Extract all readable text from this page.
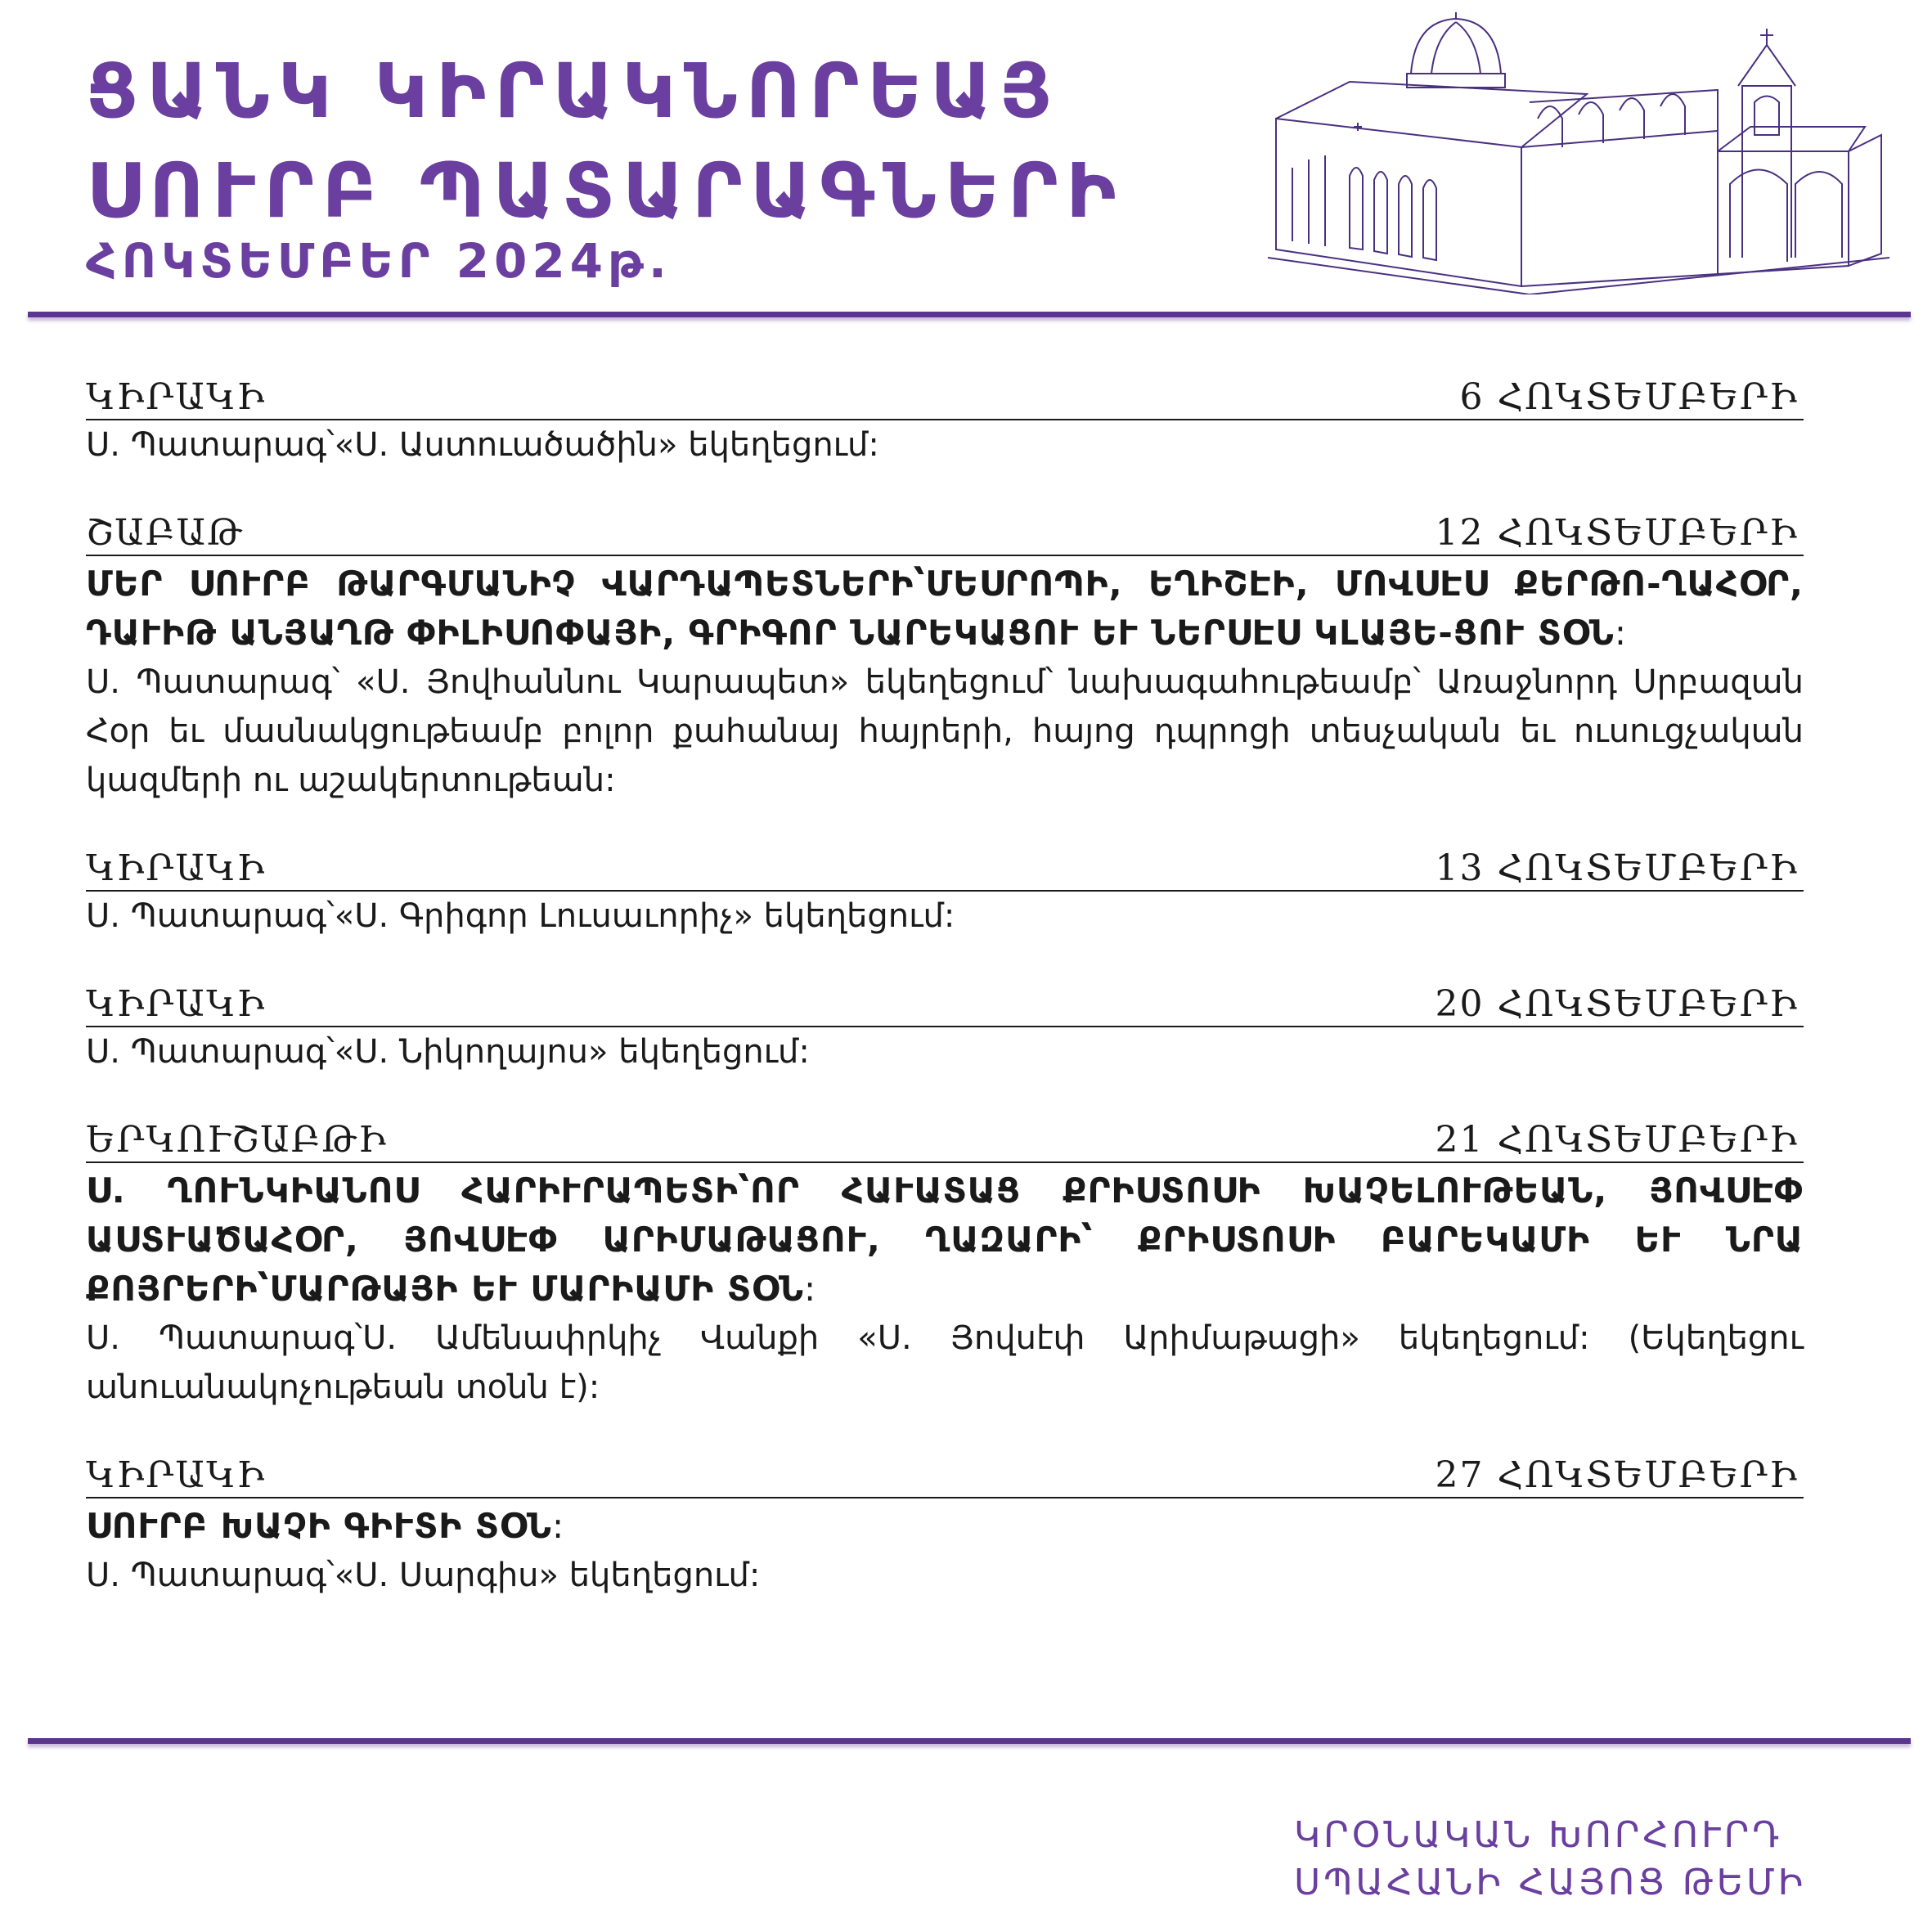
ՑԱՆԿ ԿԻՐԱԿՆՈՐԵԱՅ
ՍՈՒՐԲ ՊԱՏԱՐԱԳՆԵՐԻ
ՀՈԿՏԵՄԲԵՐ 2024թ.
ԿԻՐԱԿԻ	6 ՀՈԿՏԵՄԲԵՐԻ
Ս. Պատարագ՝«Ս. Աստուածածին» եկեղեցում:
ՇԱԲԱԹ	12 ՀՈԿՏԵՄԲԵՐԻ
ՄԵՐ ՍՈՒՐԲ ԹԱՐԳՄԱՆԻՉ ՎԱՐԴԱՊԵՏՆԵՐԻ՝ՄԵՍՐՈՊԻ, ԵՂԻՇԷԻ, ՄՈՎՍԷՍ ՔԵՐԹՈ-ՂԱՀՕՐ, ԴԱՒԻԹ ԱՆՅԱՂԹ ՓԻԼԻՍՈՓԱՅԻ, ԳՐԻԳՈՐ ՆԱՐԵԿԱՑՈՒ ԵՒ ՆԵՐՍԷՍ ԿԼԱՅԵ-ՑՈՒ ՏՕՆ:
Ս. Պատարագ՝ «Ս. Յովհաննու Կարապետ» եկեղեցում՝ նախագահութեամբ՝ Առաջնորդ Սրբազան Հօր եւ մասնակցութեամբ բոլոր քահանայ հայրերի, հայոց դպրոցի տեսչական եւ ուսուցչական կազմերի ու աշակերտութեան:
ԿԻՐԱԿԻ	13 ՀՈԿՏԵՄԲԵՐԻ
Ս. Պատարագ՝«Ս. Գրիգոր Լուսաւորիչ» եկեղեցում:
ԿԻՐԱԿԻ	20 ՀՈԿՏԵՄԲԵՐԻ
Ս. Պատարագ՝«Ս. Նիկողայոս» եկեղեցում:
ԵՐԿՈՒՇԱԲԹԻ	21 ՀՈԿՏԵՄԲԵՐԻ
Ս. ՂՈՒՆԿԻԱՆՈՍ ՀԱՐԻՒՐԱՊԵՏԻ՝ՈՐ ՀԱՒԱՏԱՑ ՔՐԻՍՏՈՍԻ ԽԱՉԵԼՈՒԹԵԱՆ, ՅՈՎՍԷՓ ԱՍՏՒԱԾԱՀՕՐ, ՅՈՎՍԷՓ ԱՐԻՄԱԹԱՑՈՒ, ՂԱԶԱՐԻ՝ ՔՐԻՍՏՈՍԻ ԲԱՐԵԿԱՄԻ ԵՒ ՆՐԱ ՔՈՅՐԵՐԻ՝ՄԱՐԹԱՅԻ ԵՒ ՄԱՐԻԱՄԻ ՏՕՆ:
Ս. Պատարագ՝Ս. Ամենափրկիչ Վանքի «Ս. Յովսէփ Արիմաթացի» եկեղեցում: (Եկեղեցու անուանակոչութեան տօնն է):
ԿԻՐԱԿԻ	27 ՀՈԿՏԵՄԲԵՐԻ
ՍՈՒՐԲ ԽԱՉԻ ԳԻՒՏԻ ՏՕՆ:
Ս. Պատարագ՝«Ս. Սարգիս» եկեղեցում:
ԿՐՕՆԱԿԱՆ ԽՈՐՀՈՒՐԴ
ՍՊԱՀԱՆԻ ՀԱՅՈՑ ԹԵՄԻ
